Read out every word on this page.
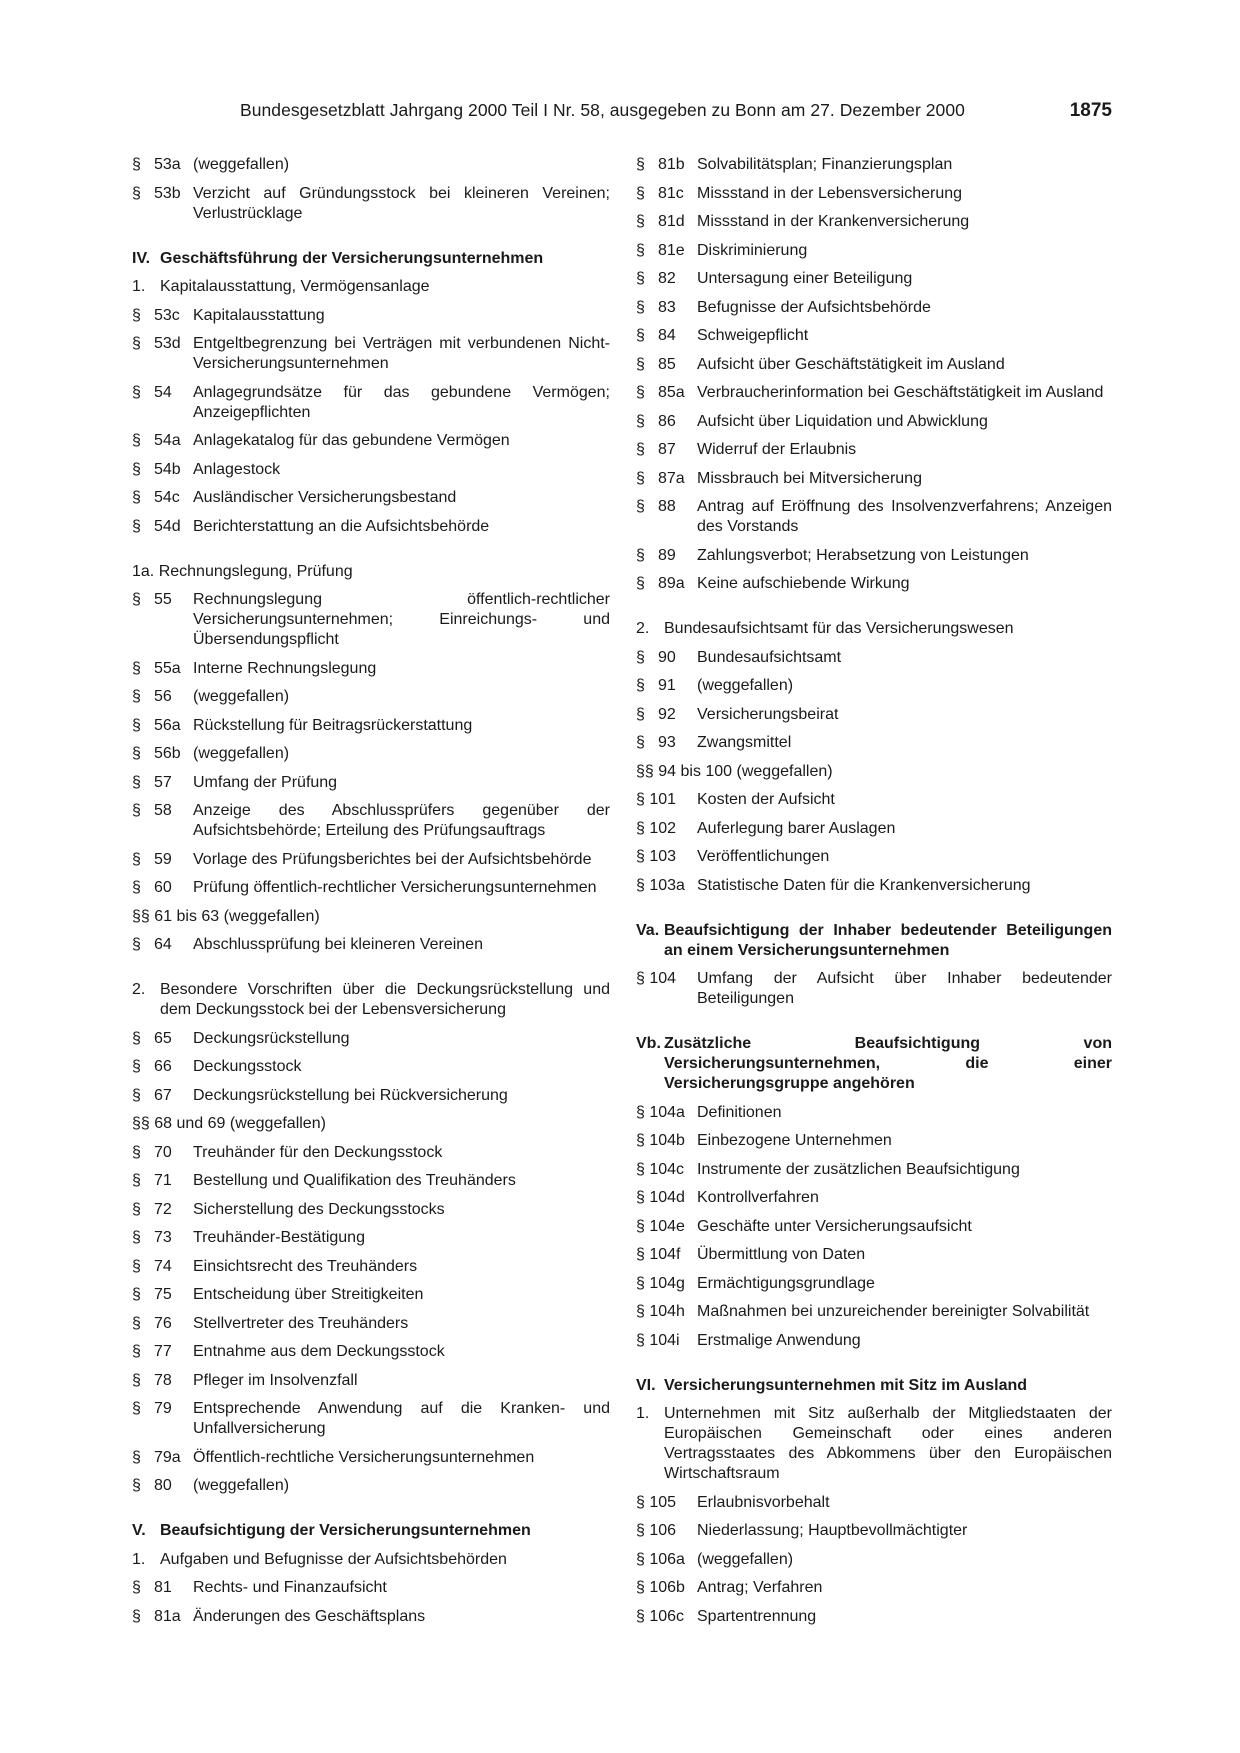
Bundesgesetzblatt Jahrgang 2000 Teil I Nr. 58, ausgegeben zu Bonn am 27. Dezember 2000	1875
§ 53a (weggefallen)
§ 53b Verzicht auf Gründungsstock bei kleineren Vereinen; Verlustrücklage
IV. Geschäftsführung der Versicherungsunternehmen
1. Kapitalausstattung, Vermögensanlage
§ 53c Kapitalausstattung
§ 53d Entgeltbegrenzung bei Verträgen mit verbundenen Nicht-Versicherungsunternehmen
§ 54	Anlagegrundsätze für das gebundene Vermögen; Anzeigepflichten
§ 54a Anlagekatalog für das gebundene Vermögen
§ 54b Anlagestock
§ 54c Ausländischer Versicherungsbestand
§ 54d Berichterstattung an die Aufsichtsbehörde
1a. Rechnungslegung, Prüfung
§ 55	Rechnungslegung öffentlich-rechtlicher Versicherungsunternehmen; Einreichungs- und Übersendungspflicht
§ 55a Interne Rechnungslegung
§ 56	(weggefallen)
§ 56a Rückstellung für Beitragsrückerstattung
§ 56b (weggefallen)
§ 57	Umfang der Prüfung
§ 58	Anzeige des Abschlussprüfers gegenüber der Aufsichtsbehörde; Erteilung des Prüfungsauftrags
§ 59	Vorlage des Prüfungsberichtes bei der Aufsichtsbehörde
§ 60	Prüfung öffentlich-rechtlicher Versicherungsunternehmen
§§ 61 bis 63 (weggefallen)
§ 64	Abschlussprüfung bei kleineren Vereinen
2. Besondere Vorschriften über die Deckungsrückstellung und dem Deckungsstock bei der Lebensversicherung
§ 65	Deckungsrückstellung
§ 66	Deckungsstock
§ 67	Deckungsrückstellung bei Rückversicherung
§§ 68 und 69 (weggefallen)
§ 70	Treuhänder für den Deckungsstock
§ 71	Bestellung und Qualifikation des Treuhänders
§ 72	Sicherstellung des Deckungsstocks
§ 73	Treuhänder-Bestätigung
§ 74	Einsichtsrecht des Treuhänders
§ 75	Entscheidung über Streitigkeiten
§ 76	Stellvertreter des Treuhänders
§ 77	Entnahme aus dem Deckungsstock
§ 78	Pfleger im Insolvenzfall
§ 79	Entsprechende Anwendung auf die Kranken- und Unfallversicherung
§ 79a Öffentlich-rechtliche Versicherungsunternehmen
§ 80	(weggefallen)
V. Beaufsichtigung der Versicherungsunternehmen
1. Aufgaben und Befugnisse der Aufsichtsbehörden
§ 81	Rechts- und Finanzaufsicht
§ 81a Änderungen des Geschäftsplans
§ 81b Solvabilitätsplan; Finanzierungsplan
§ 81c Missstand in der Lebensversicherung
§ 81d Missstand in der Krankenversicherung
§ 81e Diskriminierung
§ 82	Untersagung einer Beteiligung
§ 83	Befugnisse der Aufsichtsbehörde
§ 84	Schweigepflicht
§ 85	Aufsicht über Geschäftstätigkeit im Ausland
§ 85a Verbraucherinformation bei Geschäftstätigkeit im Ausland
§ 86	Aufsicht über Liquidation und Abwicklung
§ 87	Widerruf der Erlaubnis
§ 87a Missbrauch bei Mitversicherung
§ 88	Antrag auf Eröffnung des Insolvenzverfahrens; Anzeigen des Vorstands
§ 89	Zahlungsverbot; Herabsetzung von Leistungen
§ 89a Keine aufschiebende Wirkung
2. Bundesaufsichtsamt für das Versicherungswesen
§ 90	Bundesaufsichtsamt
§ 91	(weggefallen)
§ 92	Versicherungsbeirat
§ 93	Zwangsmittel
§§ 94 bis 100 (weggefallen)
§ 101	Kosten der Aufsicht
§ 102	Auferlegung barer Auslagen
§ 103	Veröffentlichungen
§ 103a Statistische Daten für die Krankenversicherung
Va. Beaufsichtigung der Inhaber bedeutender Beteiligungen an einem Versicherungsunternehmen
§ 104	Umfang der Aufsicht über Inhaber bedeutender Beteiligungen
Vb. Zusätzliche Beaufsichtigung von Versicherungsunternehmen, die einer Versicherungsgruppe angehören
§ 104a Definitionen
§ 104b Einbezogene Unternehmen
§ 104c Instrumente der zusätzlichen Beaufsichtigung
§ 104d Kontrollverfahren
§ 104e Geschäfte unter Versicherungsaufsicht
§ 104f	Übermittlung von Daten
§ 104g Ermächtigungsgrundlage
§ 104h Maßnahmen bei unzureichender bereinigter Solvabilität
§ 104i	Erstmalige Anwendung
VI. Versicherungsunternehmen mit Sitz im Ausland
1. Unternehmen mit Sitz außerhalb der Mitgliedstaaten der Europäischen Gemeinschaft oder eines anderen Vertragsstaates des Abkommens über den Europäischen Wirtschaftsraum
§ 105	Erlaubnisvorbehalt
§ 106	Niederlassung; Hauptbevollmächtigter
§ 106a (weggefallen)
§ 106b Antrag; Verfahren
§ 106c Spartentrennung
